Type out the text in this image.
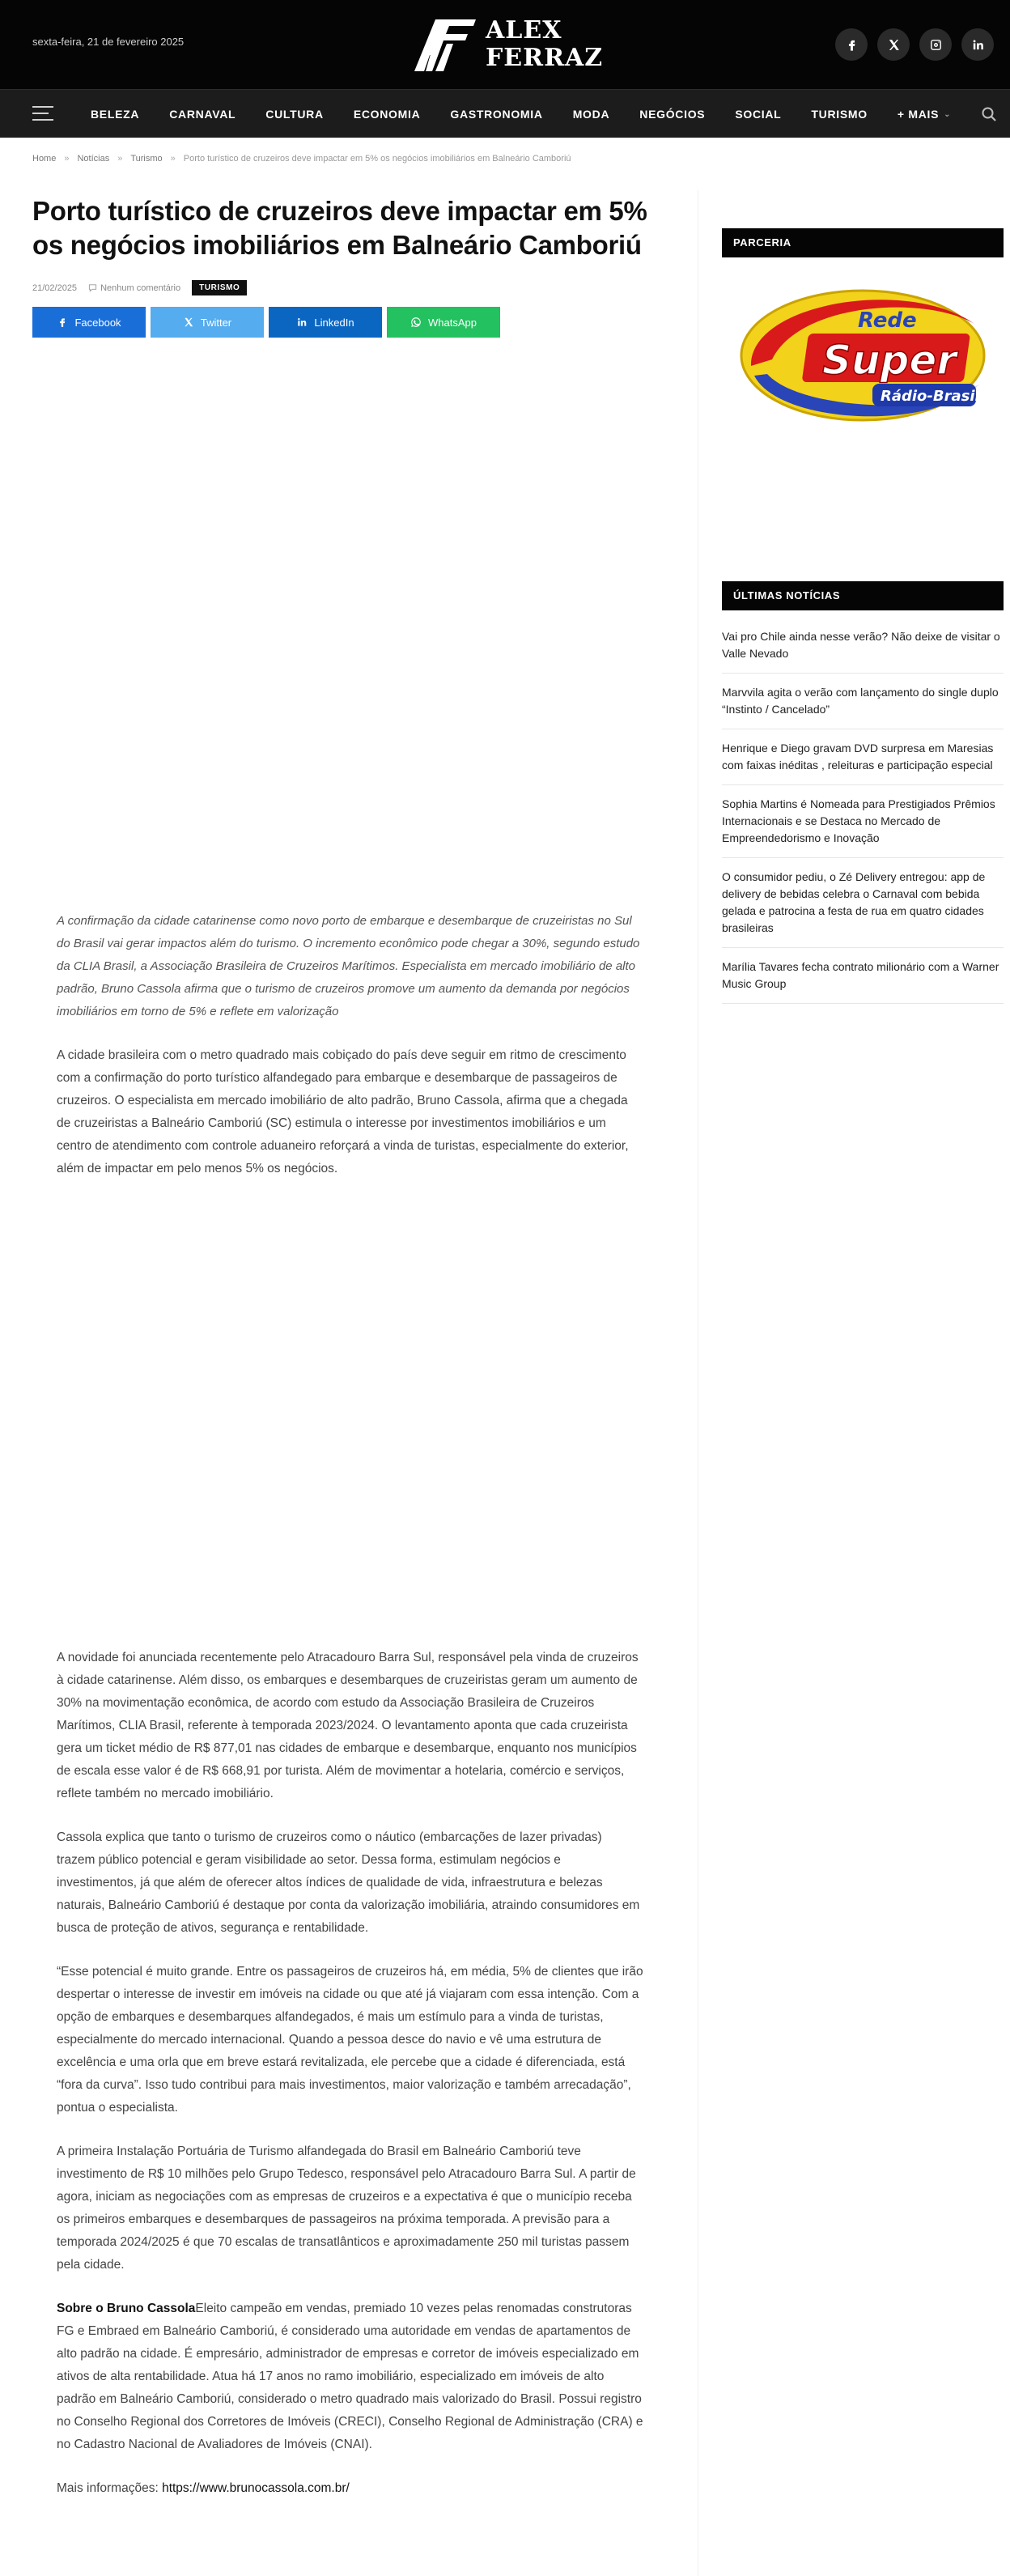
sexta-feira, 21 de fevereiro 2025	ALEX
FERRAZ
BELEZA	CARNAVAL	CULTURA	ECONOMIA	GASTRONOMIA	MODA	NEGÓCIOS	SOCIAL	TURISMO	+ MAIS ⌄
Home » Notícias » Turismo » Porto turístico de cruzeiros deve impactar em 5% os negócios imobiliários em Balneário Camboriú
Porto turístico de cruzeiros deve impactar em 5% os negócios imobiliários em Balneário Camboriú
21/02/2025	Nenhum comentário	TURISMO
Facebook	Twitter	LinkedIn	WhatsApp

A confirmação da cidade catarinense como novo porto de embarque e desembarque de cruzeiristas no Sul do Brasil vai gerar impactos além do turismo. O incremento econômico pode chegar a 30%, segundo estudo da CLIA Brasil, a Associação Brasileira de Cruzeiros Marítimos. Especialista em mercado imobiliário de alto padrão, Bruno Cassola afirma que o turismo de cruzeiros promove um aumento da demanda por negócios imobiliários em torno de 5% e reflete em valorização

A cidade brasileira com o metro quadrado mais cobiçado do país deve seguir em ritmo de crescimento com a confirmação do porto turístico alfandegado para embarque e desembarque de passageiros de cruzeiros. O especialista em mercado imobiliário de alto padrão, Bruno Cassola, afirma que a chegada de cruzeiristas a Balneário Camboriú (SC) estimula o interesse por investimentos imobiliários e um centro de atendimento com controle aduaneiro reforçará a vinda de turistas, especialmente do exterior, além de impactar em pelo menos 5% os negócios.

A novidade foi anunciada recentemente pelo Atracadouro Barra Sul, responsável pela vinda de cruzeiros à cidade catarinense. Além disso, os embarques e desembarques de cruzeiristas geram um aumento de 30% na movimentação econômica, de acordo com estudo da Associação Brasileira de Cruzeiros Marítimos, CLIA Brasil, referente à temporada 2023/2024. O levantamento aponta que cada cruzeirista gera um ticket médio de R$ 877,01 nas cidades de embarque e desembarque, enquanto nos municípios de escala esse valor é de R$ 668,91 por turista. Além de movimentar a hotelaria, comércio e serviços, reflete também no mercado imobiliário.

Cassola explica que tanto o turismo de cruzeiros como o náutico (embarcações de lazer privadas) trazem público potencial e geram visibilidade ao setor. Dessa forma, estimulam negócios e investimentos, já que além de oferecer altos índices de qualidade de vida, infraestrutura e belezas naturais, Balneário Camboriú é destaque por conta da valorização imobiliária, atraindo consumidores em busca de proteção de ativos, segurança e rentabilidade.

“Esse potencial é muito grande. Entre os passageiros de cruzeiros há, em média, 5% de clientes que irão despertar o interesse de investir em imóveis na cidade ou que até já viajaram com essa intenção. Com a opção de embarques e desembarques alfandegados, é mais um estímulo para a vinda de turistas, especialmente do mercado internacional. Quando a pessoa desce do navio e vê uma estrutura de excelência e uma orla que em breve estará revitalizada, ele percebe que a cidade é diferenciada, está “fora da curva”. Isso tudo contribui para mais investimentos, maior valorização e também arrecadação”, pontua o especialista.

A primeira Instalação Portuária de Turismo alfandegada do Brasil em Balneário Camboriú teve investimento de R$ 10 milhões pelo Grupo Tedesco, responsável pelo Atracadouro Barra Sul. A partir de agora, iniciam as negociações com as empresas de cruzeiros e a expectativa é que o município receba os primeiros embarques e desembarques de passageiros na próxima temporada. A previsão para a temporada 2024/2025 é que 70 escalas de transatlânticos e aproximadamente 250 mil turistas passem pela cidade.

Sobre o Bruno CassolaEleito campeão em vendas, premiado 10 vezes pelas renomadas construtoras FG e Embraed em Balneário Camboriú, é considerado uma autoridade em vendas de apartamentos de alto padrão na cidade. É empresário, administrador de empresas e corretor de imóveis especializado em ativos de alta rentabilidade. Atua há 17 anos no ramo imobiliário, especializado em imóveis de alto padrão em Balneário Camboriú, considerado o metro quadrado mais valorizado do Brasil. Possui registro no Conselho Regional dos Corretores de Imóveis (CRECI), Conselho Regional de Administração (CRA) e no Cadastro Nacional de Avaliadores de Imóveis (CNAI).

Mais informações: https://www.brunocassola.com.br/

PARCERIA
Rede
Super
Rádio-Brasil
ÚLTIMAS NOTÍCIAS
Vai pro Chile ainda nesse verão? Não deixe de visitar o Valle Nevado
Marvvila agita o verão com lançamento do single duplo “Instinto / Cancelado”
Henrique e Diego gravam DVD surpresa em Maresias com faixas inéditas , releituras e participação especial
Sophia Martins é Nomeada para Prestigiados Prêmios Internacionais e se Destaca no Mercado de Empreendedorismo e Inovação
O consumidor pediu, o Zé Delivery entregou: app de delivery de bebidas celebra o Carnaval com bebida gelada e patrocina a festa de rua em quatro cidades brasileiras
Marília Tavares fecha contrato milionário com a Warner Music Group
